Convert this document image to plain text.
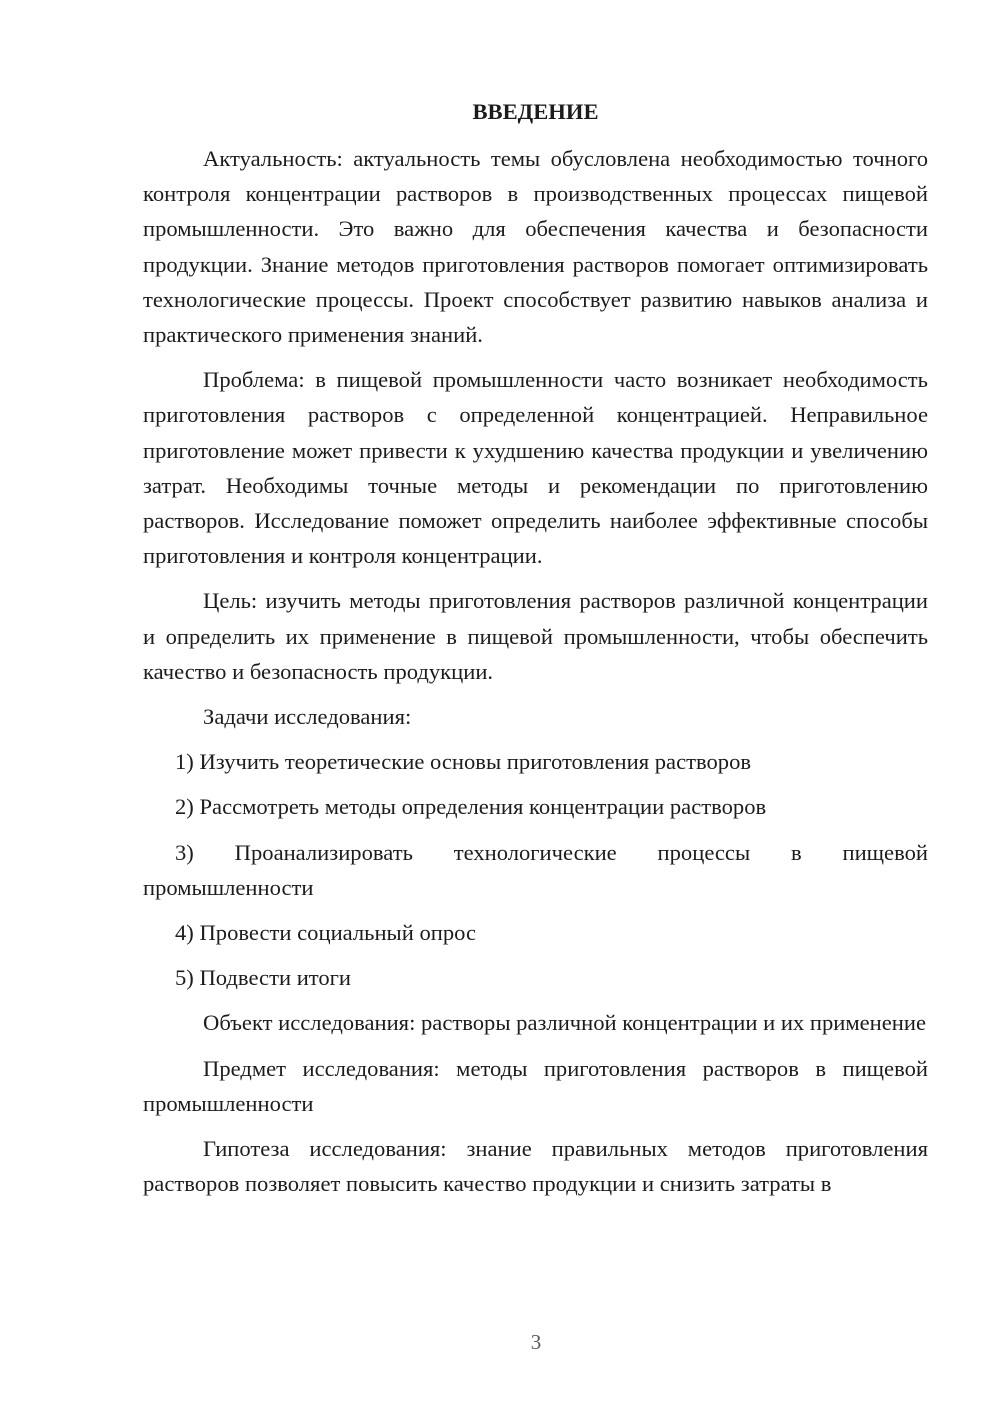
ВВЕДЕНИЕ

Актуальность: актуальность темы обусловлена необходимостью точного контроля концентрации растворов в производственных процессах пищевой промышленности. Это важно для обеспечения качества и безопасности продукции. Знание методов приготовления растворов помогает оптимизировать технологические процессы. Проект способствует развитию навыков анализа и практического применения знаний.

Проблема: в пищевой промышленности часто возникает необходимость приготовления растворов с определенной концентрацией. Неправильное приготовление может привести к ухудшению качества продукции и увеличению затрат. Необходимы точные методы и рекомендации по приготовлению растворов. Исследование поможет определить наиболее эффективные способы приготовления и контроля концентрации.

Цель: изучить методы приготовления растворов различной концентрации и определить их применение в пищевой промышленности, чтобы обеспечить качество и безопасность продукции.

Задачи исследования:

1) Изучить теоретические основы приготовления растворов

2) Рассмотреть методы определения концентрации растворов

3) Проанализировать технологические процессы в пищевой промышленности

4) Провести социальный опрос

5) Подвести итоги

Объект исследования: растворы различной концентрации и их применение

Предмет исследования: методы приготовления растворов в пищевой промышленности

Гипотеза исследования: знание правильных методов приготовления растворов позволяет повысить качество продукции и снизить затраты в

3
